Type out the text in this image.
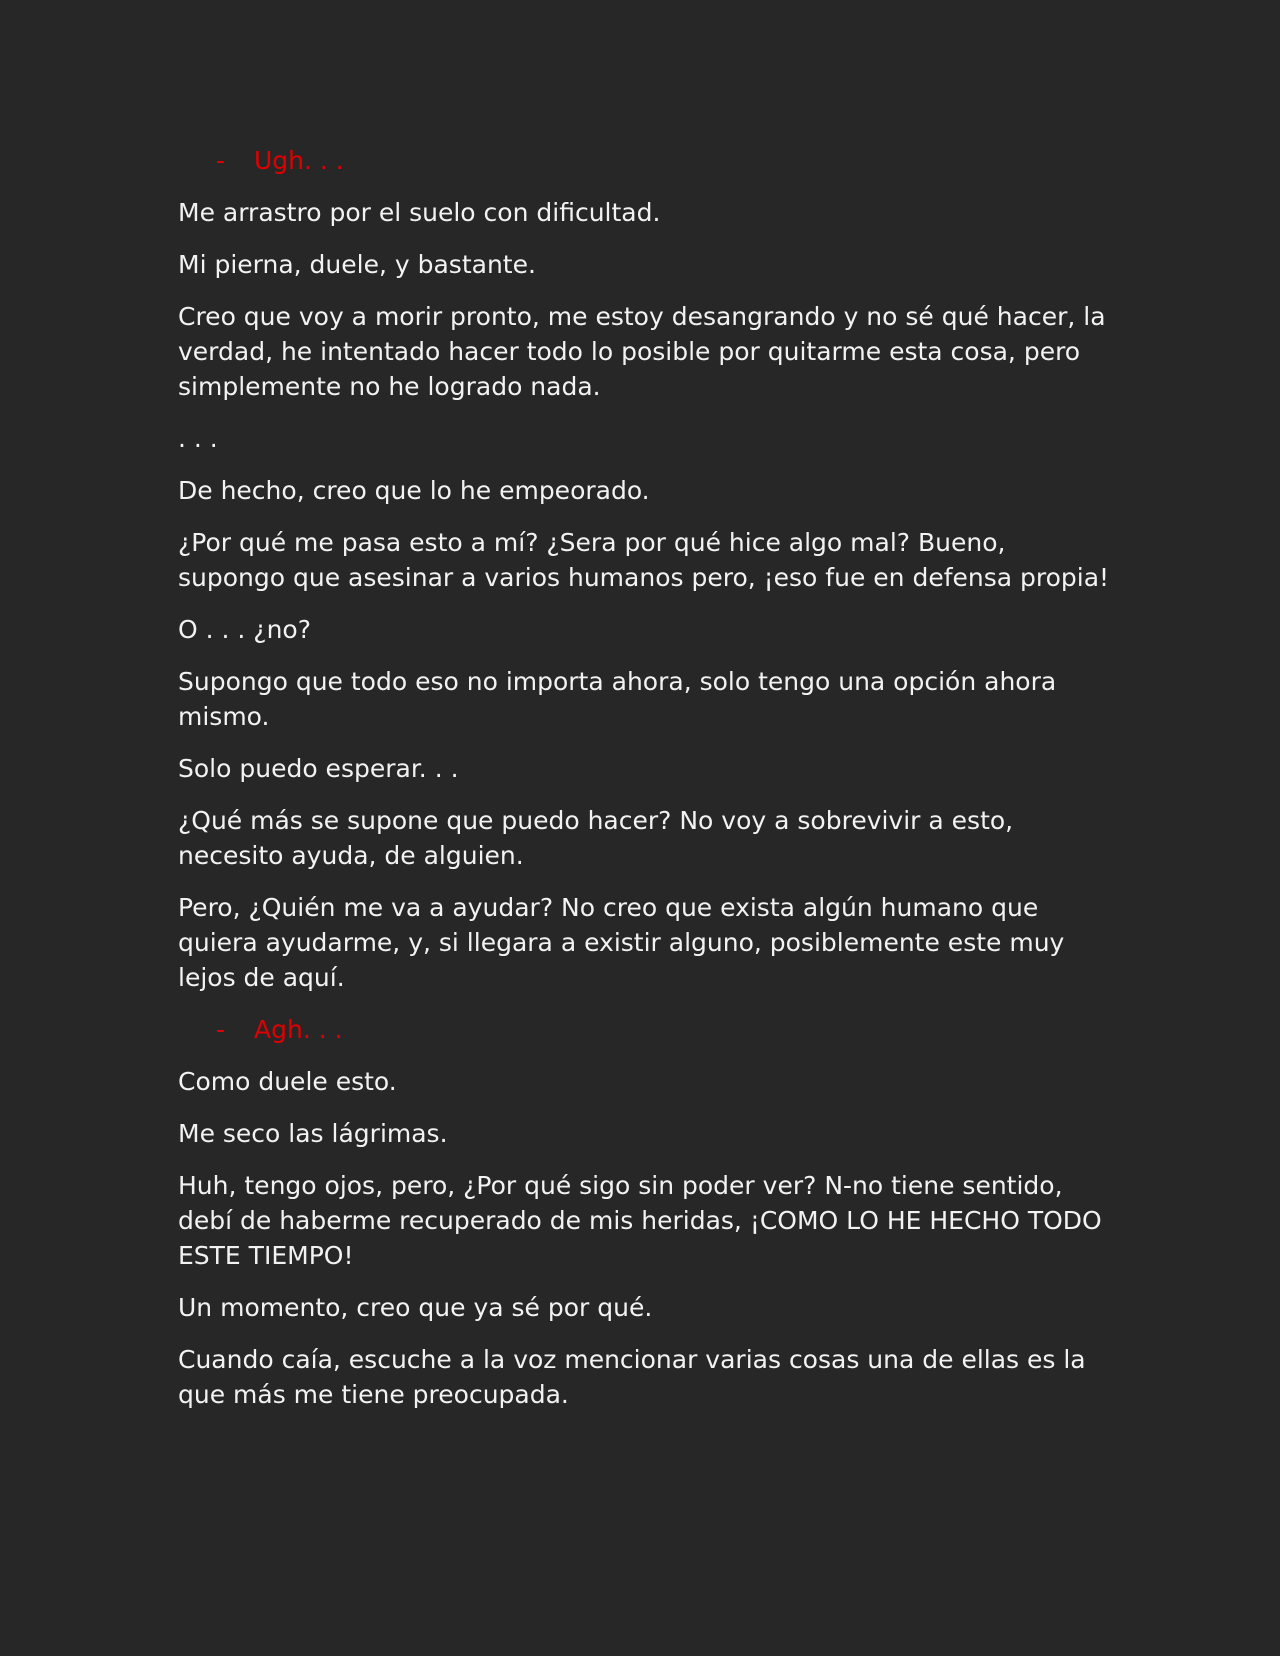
-	Ugh. . .

Me arrastro por el suelo con dificultad.

Mi pierna, duele, y bastante.

Creo que voy a morir pronto, me estoy desangrando y no sé qué hacer, la verdad, he intentado hacer todo lo posible por quitarme esta cosa, pero simplemente no he logrado nada.

. . .

De hecho, creo que lo he empeorado.

¿Por qué me pasa esto a mí? ¿Sera por qué hice algo mal? Bueno, supongo que asesinar a varios humanos pero, ¡eso fue en defensa propia!

O . . . ¿no?

Supongo que todo eso no importa ahora, solo tengo una opción ahora mismo.

Solo puedo esperar. . .

¿Qué más se supone que puedo hacer? No voy a sobrevivir a esto, necesito ayuda, de alguien.

Pero, ¿Quién me va a ayudar? No creo que exista algún humano que quiera ayudarme, y, si llegara a existir alguno, posiblemente este muy lejos de aquí.

-	Agh. . .

Como duele esto.

Me seco las lágrimas.

Huh, tengo ojos, pero, ¿Por qué sigo sin poder ver? N-no tiene sentido, debí de haberme recuperado de mis heridas, ¡COMO LO HE HECHO TODO ESTE TIEMPO!

Un momento, creo que ya sé por qué.

Cuando caía, escuche a la voz mencionar varias cosas una de ellas es la que más me tiene preocupada.
